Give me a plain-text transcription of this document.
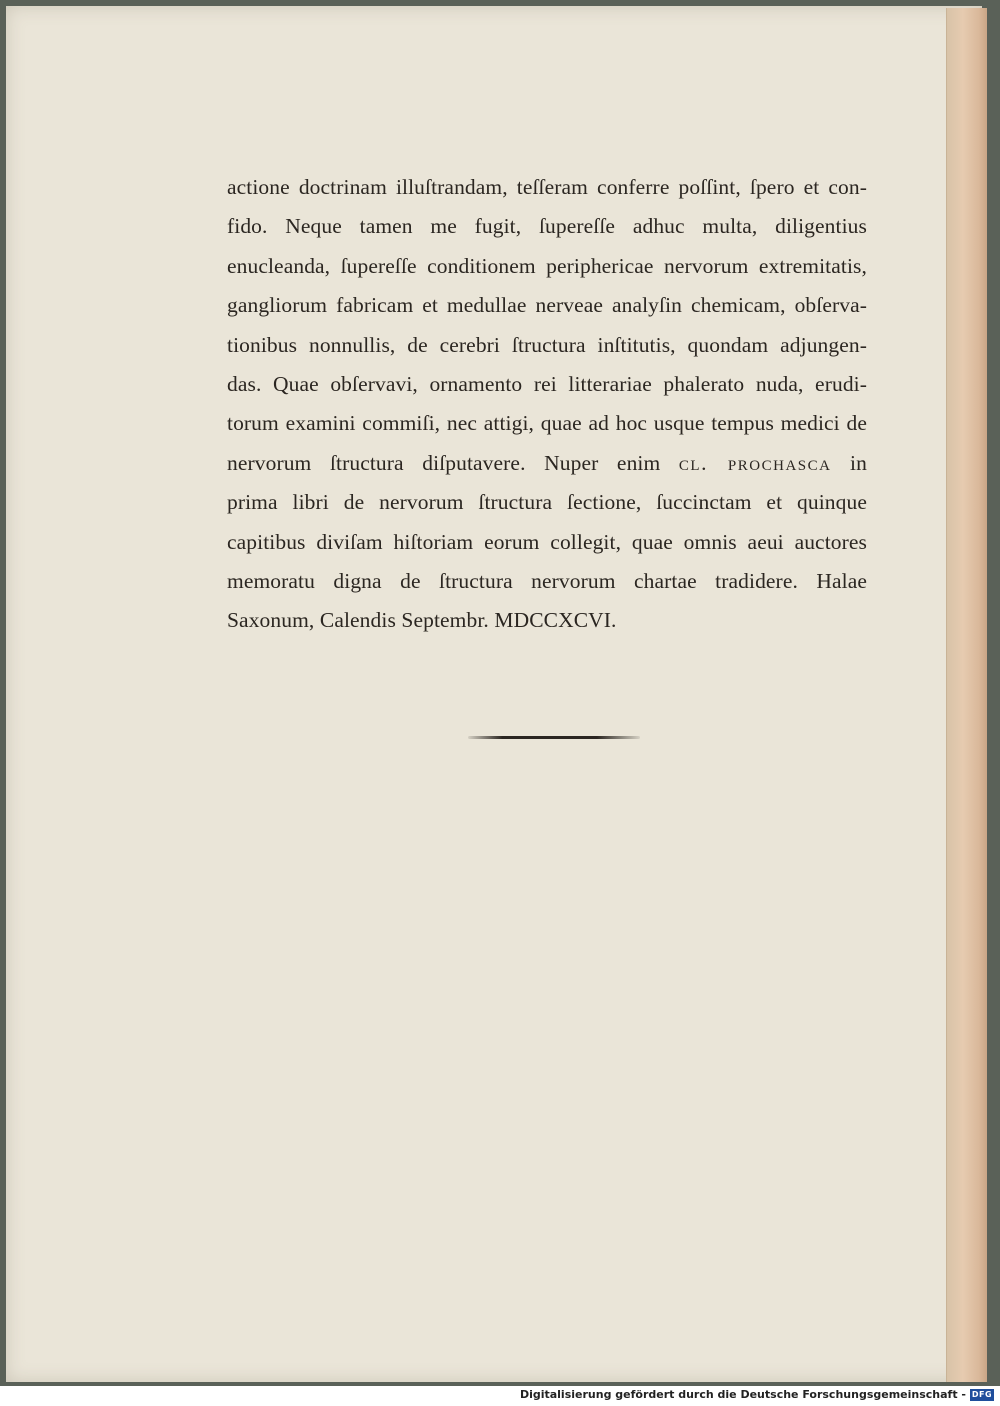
actione doctrinam illuſtrandam, teſſeram conferre poſſint, ſpero et con-
fido. Neque tamen me fugit, ſupereſſe adhuc multa, diligentius
enucleanda, ſupereſſe conditionem periphericae nervorum extremitatis,
gangliorum fabricam et medullae nerveae analyſin chemicam, obſerva-
tionibus nonnullis, de cerebri ſtructura inſtitutis, quondam adjungen-
das. Quae obſervavi, ornamento rei litterariae phalerato nuda, erudi-
torum examini commiſi, nec attigi, quae ad hoc usque tempus medici de
nervorum ſtructura diſputavere. Nuper enim cl. prochasca in
prima libri de nervorum ſtructura ſectione, ſuccinctam et quinque
capitibus diviſam hiſtoriam eorum collegit, quae omnis aeui auctores
memoratu digna de ſtructura nervorum chartae tradidere. Halae
Saxonum, Calendis Septembr. MDCCXCVI.
Digitalisierung gefördert durch die Deutsche Forschungsgemeinschaft - DFG
